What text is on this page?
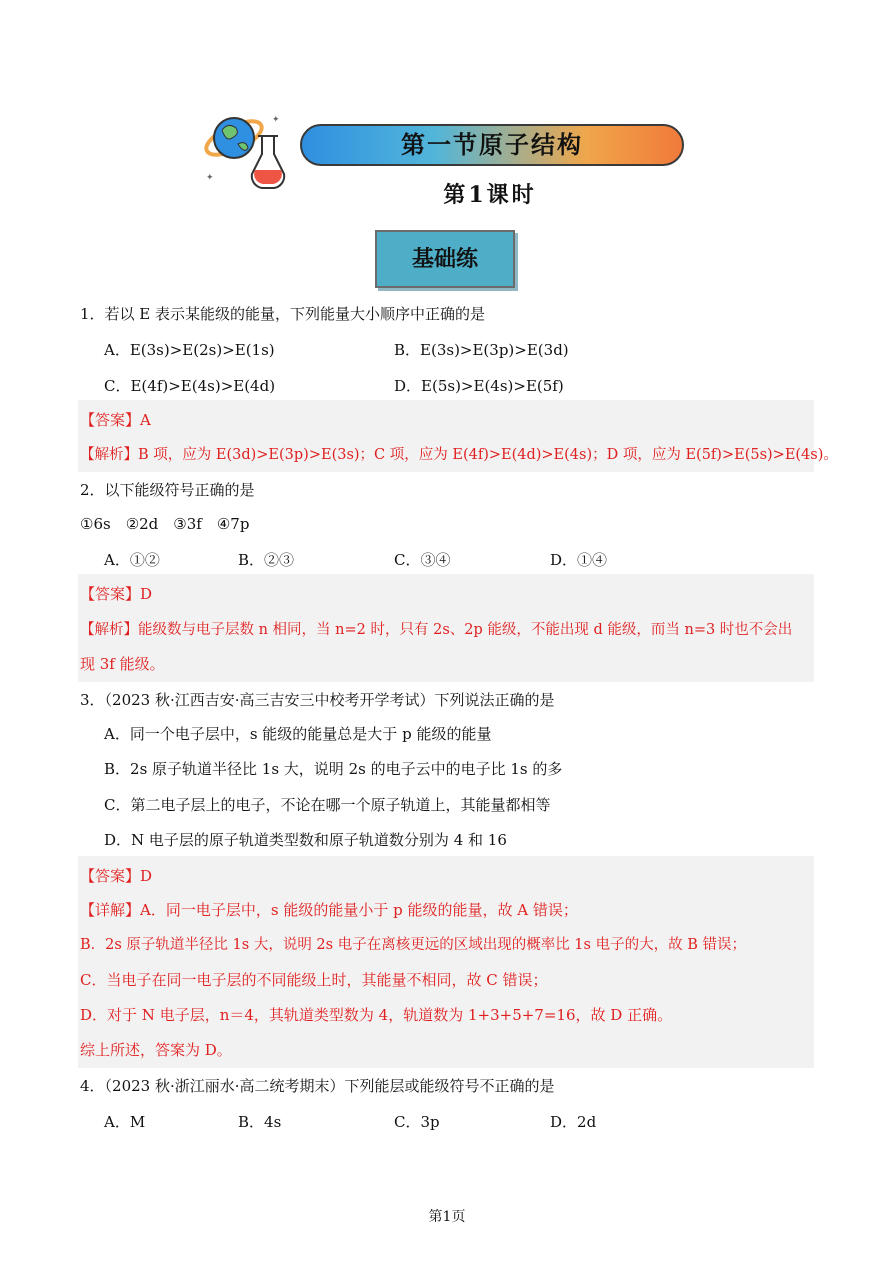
✦
✦
第一节原子结构
第1课时
基础练
1．若以 E 表示某能级的能量，下列能量大小顺序中正确的是
A．E(3s)>E(2s)>E(1s)	B．E(3s)>E(3p)>E(3d)
C．E(4f)>E(4s)>E(4d)	D．E(5s)>E(4s)>E(5f)
【答案】A
【解析】B 项，应为 E(3d)>E(3p)>E(3s)；C 项，应为 E(4f)>E(4d)>E(4s)；D 项，应为 E(5f)>E(5s)>E(4s)。
2．以下能级符号正确的是
①6s　②2d　③3f　④7p
A．①②	B．②③	C．③④	D．①④
【答案】D
【解析】能级数与电子层数 n 相同，当 n=2 时，只有 2s、2p 能级，不能出现 d 能级，而当 n=3 时也不会出
现 3f 能级。
3．（2023 秋·江西吉安·高三吉安三中校考开学考试）下列说法正确的是
A．同一个电子层中，s 能级的能量总是大于 p 能级的能量
B．2s 原子轨道半径比 1s 大，说明 2s 的电子云中的电子比 1s 的多
C．第二电子层上的电子，不论在哪一个原子轨道上，其能量都相等
D．N 电子层的原子轨道类型数和原子轨道数分别为 4 和 16
【答案】D
【详解】A．同一电子层中，s 能级的能量小于 p 能级的能量，故 A 错误；
B．2s 原子轨道半径比 1s 大，说明 2s 电子在离核更远的区域出现的概率比 1s 电子的大，故 B 错误；
C．当电子在同一电子层的不同能级上时，其能量不相同，故 C 错误；
D．对于 N 电子层，n＝4，其轨道类型数为 4，轨道数为 1+3+5+7=16，故 D 正确。
综上所述，答案为 D。
4．（2023 秋·浙江丽水·高二统考期末）下列能层或能级符号不正确的是
A．M	B．4s	C．3p	D．2d
第1页
